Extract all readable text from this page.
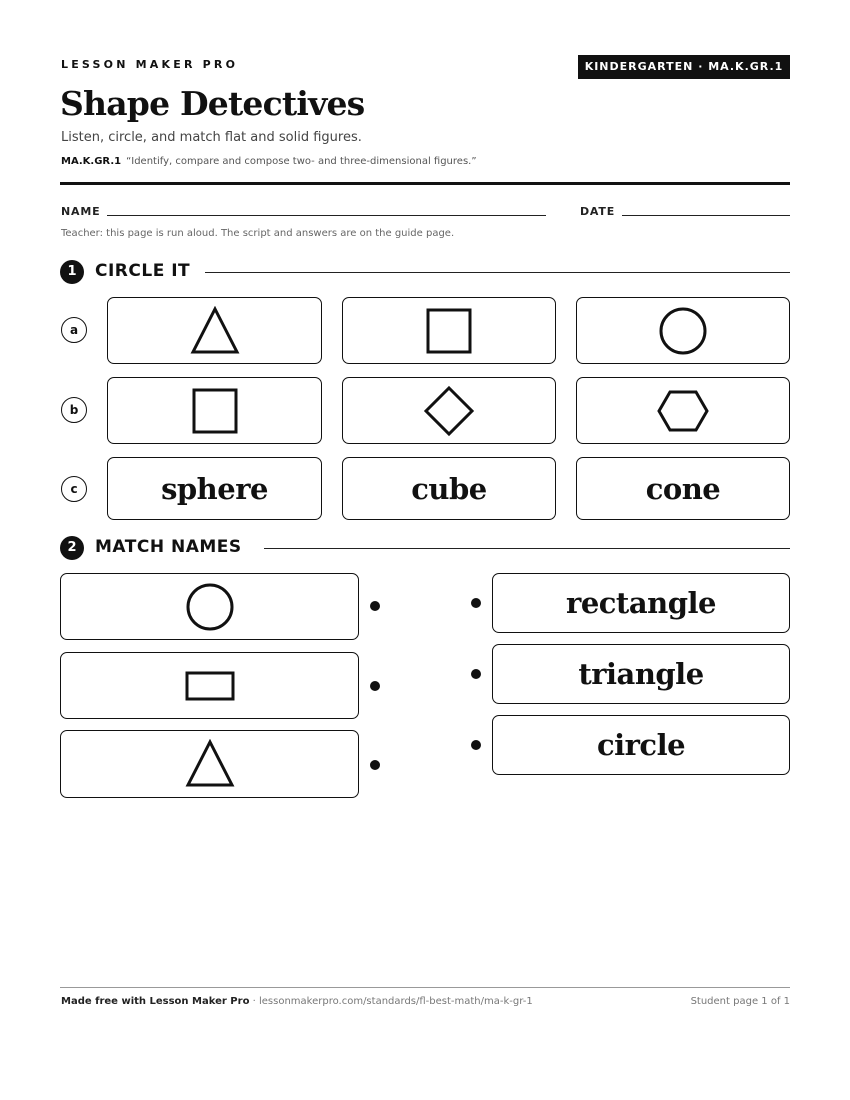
LESSON MAKER PRO	KINDERGARTEN · MA.K.GR.1
Shape Detectives
Listen, circle, and match flat and solid figures.
MA.K.GR.1 “Identify, compare and compose two- and three-dimensional figures.”
NAME	DATE
Teacher: this page is run aloud. The script and answers are on the guide page.
1	CIRCLE IT
a
b
c	sphere	cube	cone
2	MATCH NAMES
rectangle
triangle
circle
Made free with Lesson Maker Pro · lessonmakerpro.com/standards/fl-best-math/ma-k-gr-1	Student page 1 of 1
